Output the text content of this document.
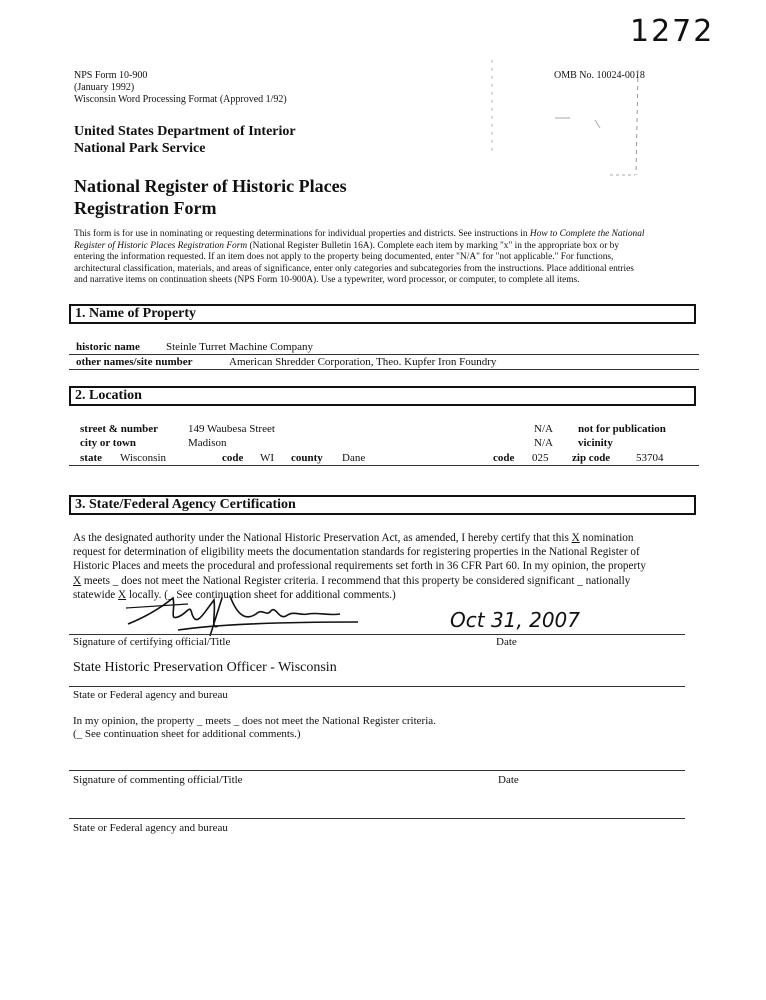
1272
NPS Form 10-900
(January 1992)
Wisconsin Word Processing Format (Approved 1/92)
OMB No. 10024-0018
United States Department of Interior
National Park Service
National Register of Historic Places
Registration Form
This form is for use in nominating or requesting determinations for individual properties and districts. See instructions in How to Complete the National
Register of Historic Places Registration Form (National Register Bulletin 16A). Complete each item by marking "x" in the appropriate box or by
entering the information requested. If an item does not apply to the property being documented, enter "N/A" for "not applicable." For functions,
architectural classification, materials, and areas of significance, enter only categories and subcategories from the instructions. Place additional entries
and narrative items on continuation sheets (NPS Form 10-900A). Use a typewriter, word processor, or computer, to complete all items.
1. Name of Property
historic name Steinle Turret Machine Company
other names/site number	American Shredder Corporation, Theo. Kupfer Iron Foundry
2. Location
street & number	149 Waubesa Street	N/A not for publication
city or town	Madison	N/A vicinity
state Wisconsin	code WI county Dane	code 025 zip code 53704
3. State/Federal Agency Certification
As the designated authority under the National Historic Preservation Act, as amended, I hereby certify that this X nomination
request for determination of eligibility meets the documentation standards for registering properties in the National Register of
Historic Places and meets the procedural and professional requirements set forth in 36 CFR Part 60. In my opinion, the property
X meets _ does not meet the National Register criteria. I recommend that this property be considered significant _ nationally
statewide X locally. (_ See continuation sheet for additional comments.)
Oct 31, 2007
Signature of certifying official/Title	Date
State Historic Preservation Officer - Wisconsin
State or Federal agency and bureau
In my opinion, the property _ meets _ does not meet the National Register criteria.
(_ See continuation sheet for additional comments.)
Signature of commenting official/Title	Date
State or Federal agency and bureau
